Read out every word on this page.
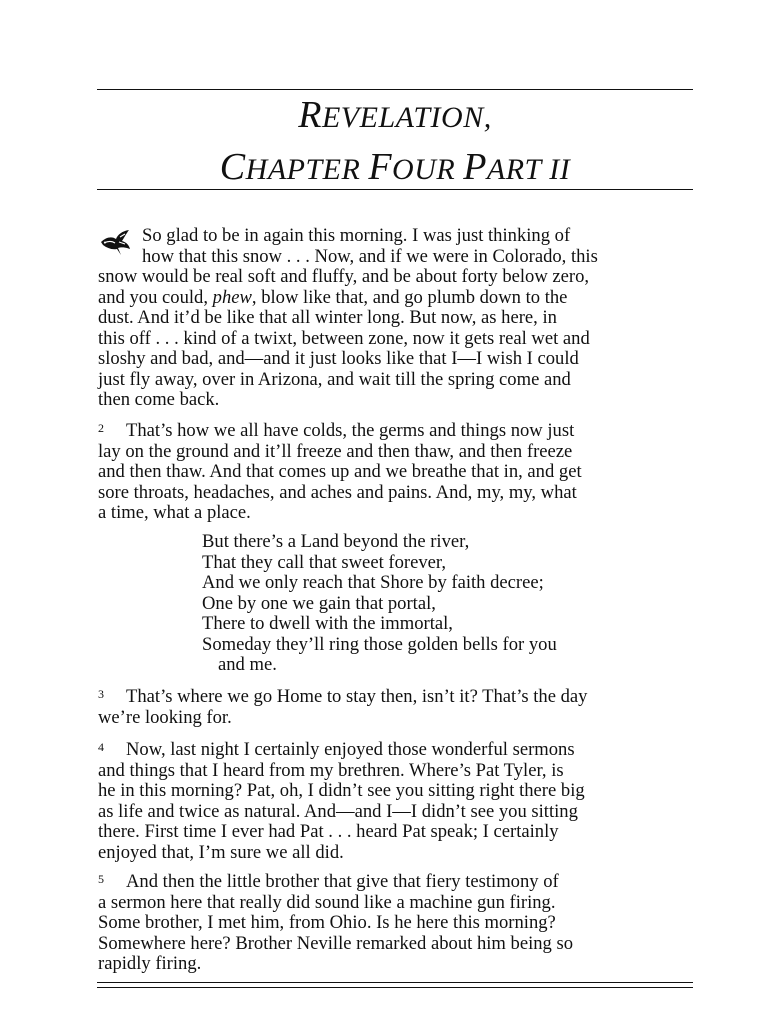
REVELATION,
CHAPTER FOUR PART II
So glad to be in again this morning. I was just thinking of
how that this snow . . . Now, and if we were in Colorado, this
snow would be real soft and fluffy, and be about forty below zero,
and you could, phew, blow like that, and go plumb down to the
dust. And it’d be like that all winter long. But now, as here, in
this off . . . kind of a twixt, between zone, now it gets real wet and
sloshy and bad, and—and it just looks like that I—I wish I could
just fly away, over in Arizona, and wait till the spring come and
then come back.
$^2$ That’s how we all have colds, the germs and things now just
lay on the ground and it’ll freeze and then thaw, and then freeze
and then thaw. And that comes up and we breathe that in, and get
sore throats, headaches, and aches and pains. And, my, my, what
a time, what a place.
But there’s a Land beyond the river,
That they call that sweet forever,
And we only reach that Shore by faith decree;
One by one we gain that portal,
There to dwell with the immortal,
Someday they’ll ring those golden bells for you
and me.
$^3$ That’s where we go Home to stay then, isn’t it? That’s the day
we’re looking for.
$^4$ Now, last night I certainly enjoyed those wonderful sermons
and things that I heard from my brethren. Where’s Pat Tyler, is
he in this morning? Pat, oh, I didn’t see you sitting right there big
as life and twice as natural. And—and I—I didn’t see you sitting
there. First time I ever had Pat . . . heard Pat speak; I certainly
enjoyed that, I’m sure we all did.
$^5$ And then the little brother that give that fiery testimony of
a sermon here that really did sound like a machine gun firing.
Some brother, I met him, from Ohio. Is he here this morning?
Somewhere here? Brother Neville remarked about him being so
rapidly firing.
